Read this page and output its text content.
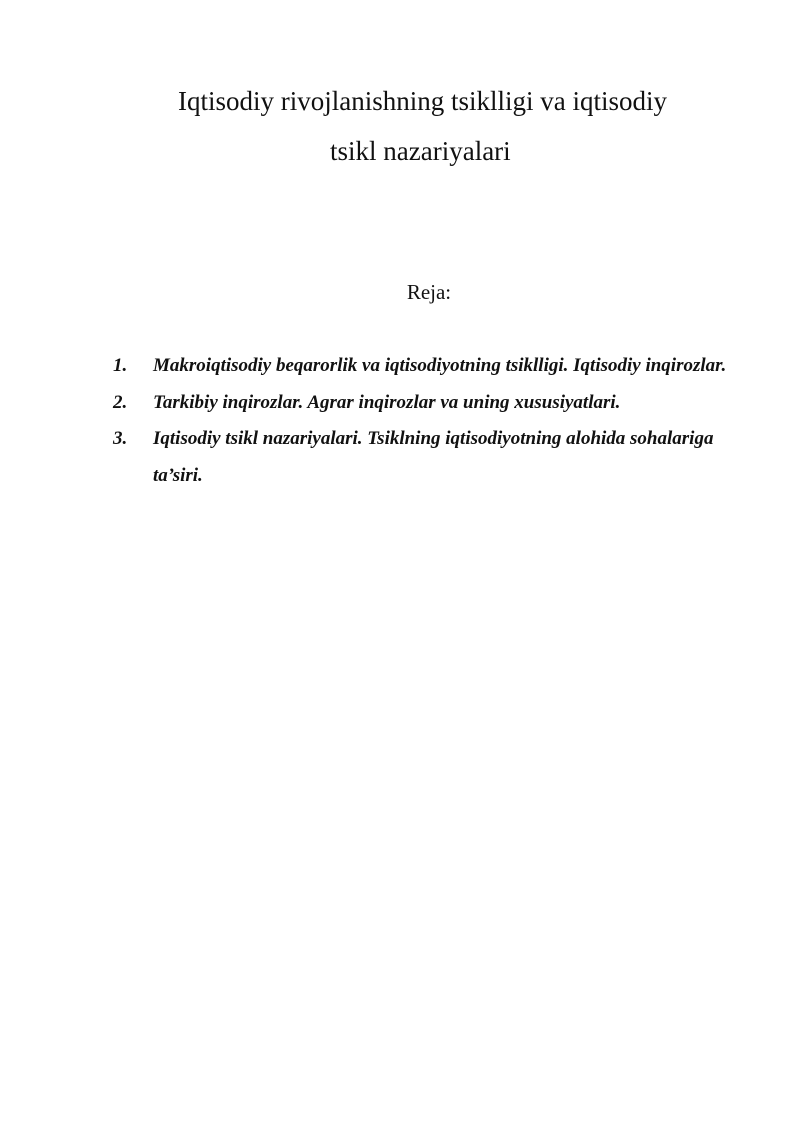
Iqtisodiy rivojlanishning tsiklligi va iqtisodiy
tsikl nazariyalari
Reja:
1.	Makroiqtisodiy beqarorlik va iqtisodiyotning tsiklligi. Iqtisodiy inqirozlar.
2.	Tarkibiy inqirozlar. Agrar inqirozlar va uning xususiyatlari.
3.	Iqtisodiy tsikl nazariyalari. Tsiklning iqtisodiyotning alohida sohalariga ta’siri.
